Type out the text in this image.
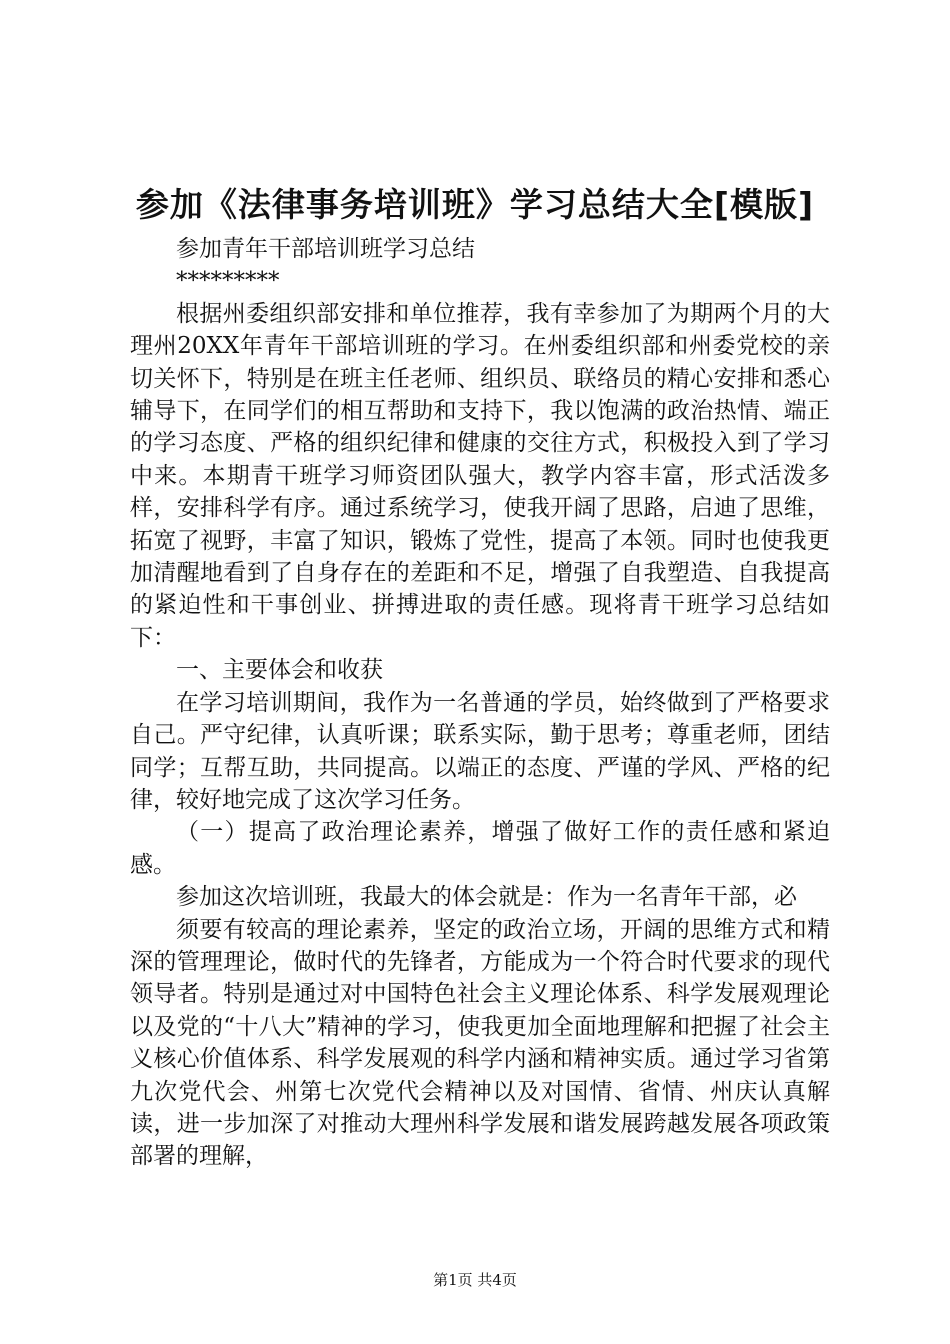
参加《法律事务培训班》学习总结大全[模版]

参加青年干部培训班学习总结

*********

根据州委组织部安排和单位推荐，我有幸参加了为期两个月的大理州20XX年青年干部培训班的学习。在州委组织部和州委党校的亲切关怀下，特别是在班主任老师、组织员、联络员的精心安排和悉心辅导下，在同学们的相互帮助和支持下，我以饱满的政治热情、端正的学习态度、严格的组织纪律和健康的交往方式，积极投入到了学习中来。本期青干班学习师资团队强大，教学内容丰富，形式活泼多样，安排科学有序。通过系统学习，使我开阔了思路，启迪了思维，拓宽了视野，丰富了知识，锻炼了党性，提高了本领。同时也使我更加清醒地看到了自身存在的差距和不足，增强了自我塑造、自我提高的紧迫性和干事创业、拼搏进取的责任感。现将青干班学习总结如下：

一、主要体会和收获

在学习培训期间，我作为一名普通的学员，始终做到了严格要求自己。严守纪律，认真听课；联系实际，勤于思考；尊重老师，团结同学；互帮互助，共同提高。以端正的态度、严谨的学风、严格的纪律，较好地完成了这次学习任务。

（一）提高了政治理论素养，增强了做好工作的责任感和紧迫感。

参加这次培训班，我最大的体会就是：作为一名青年干部，必

须要有较高的理论素养，坚定的政治立场，开阔的思维方式和精深的管理理论，做时代的先锋者，方能成为一个符合时代要求的现代领导者。特别是通过对中国特色社会主义理论体系、科学发展观理论以及党的“十八大”精神的学习，使我更加全面地理解和把握了社会主义核心价值体系、科学发展观的科学内涵和精神实质。通过学习省第九次党代会、州第七次党代会精神以及对国情、省情、州庆认真解读，进一步加深了对推动大理州科学发展和谐发展跨越发展各项政策部署的理解，

第1页 共4页
